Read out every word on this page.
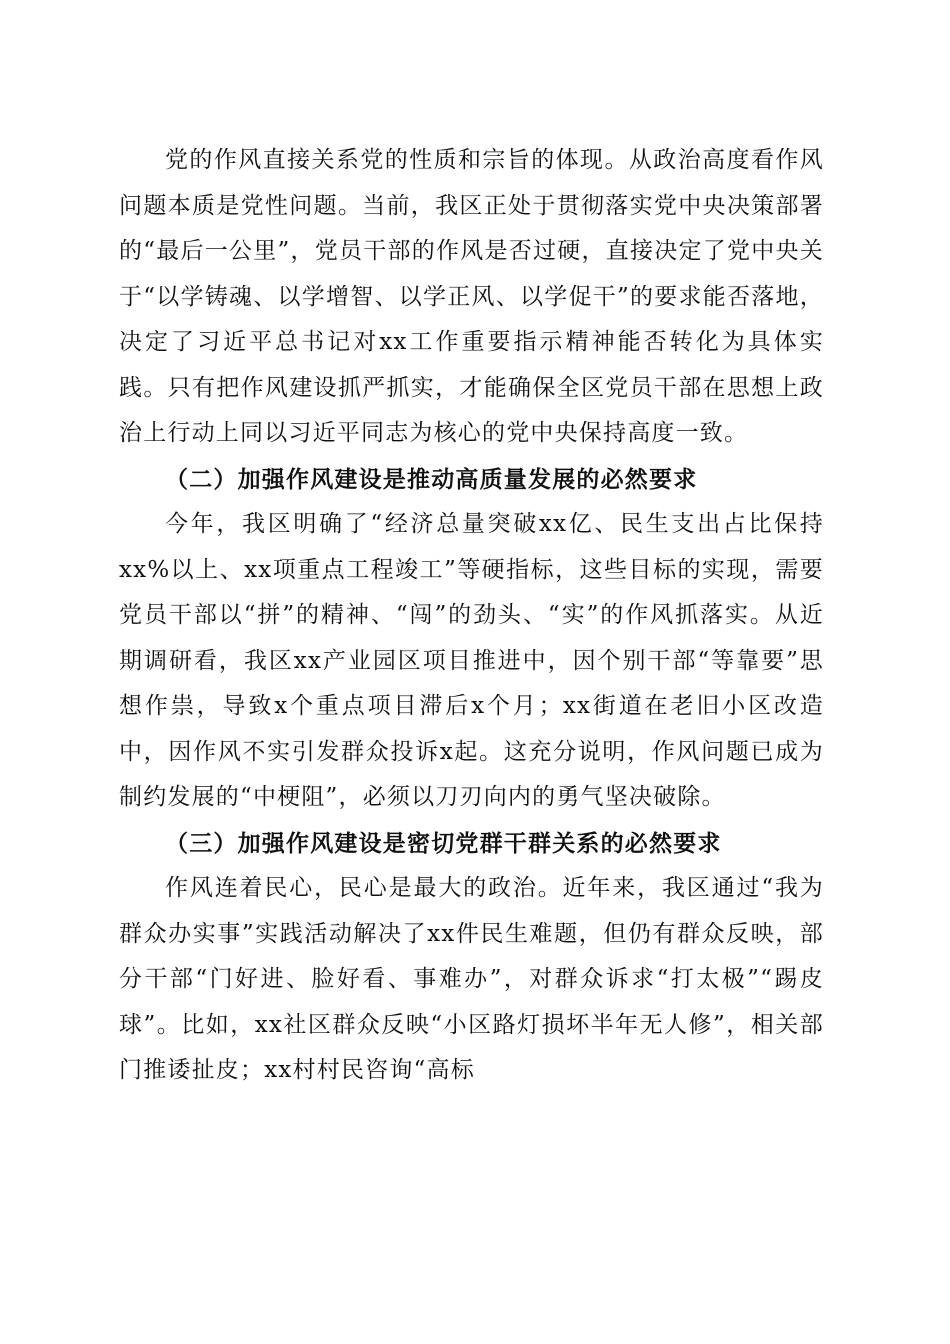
党的作风直接关系党的性质和宗旨的体现。从政治高度看作风问题本质是党性问题。当前，我区正处于贯彻落实党中央决策部署的“最后一公里”，党员干部的作风是否过硬，直接决定了党中央关于“以学铸魂、以学增智、以学正风、以学促干”的要求能否落地，决定了习近平总书记对xx工作重要指示精神能否转化为具体实践。只有把作风建设抓严抓实，才能确保全区党员干部在思想上政治上行动上同以习近平同志为核心的党中央保持高度一致。

（二）加强作风建设是推动高质量发展的必然要求

今年，我区明确了“经济总量突破xx亿、民生支出占比保持xx%以上、xx项重点工程竣工”等硬指标，这些目标的实现，需要党员干部以“拼”的精神、“闯”的劲头、“实”的作风抓落实。从近期调研看，我区xx产业园区项目推进中，因个别干部“等靠要”思想作祟，导致x个重点项目滞后x个月；xx街道在老旧小区改造中，因作风不实引发群众投诉x起。这充分说明，作风问题已成为制约发展的“中梗阻”，必须以刀刃向内的勇气坚决破除。

（三）加强作风建设是密切党群干群关系的必然要求

作风连着民心，民心是最大的政治。近年来，我区通过“我为群众办实事”实践活动解决了xx件民生难题，但仍有群众反映，部分干部“门好进、脸好看、事难办”，对群众诉求“打太极”“踢皮球”。比如，xx社区群众反映“小区路灯损坏半年无人修”，相关部门推诿扯皮；xx村村民咨询“高标
